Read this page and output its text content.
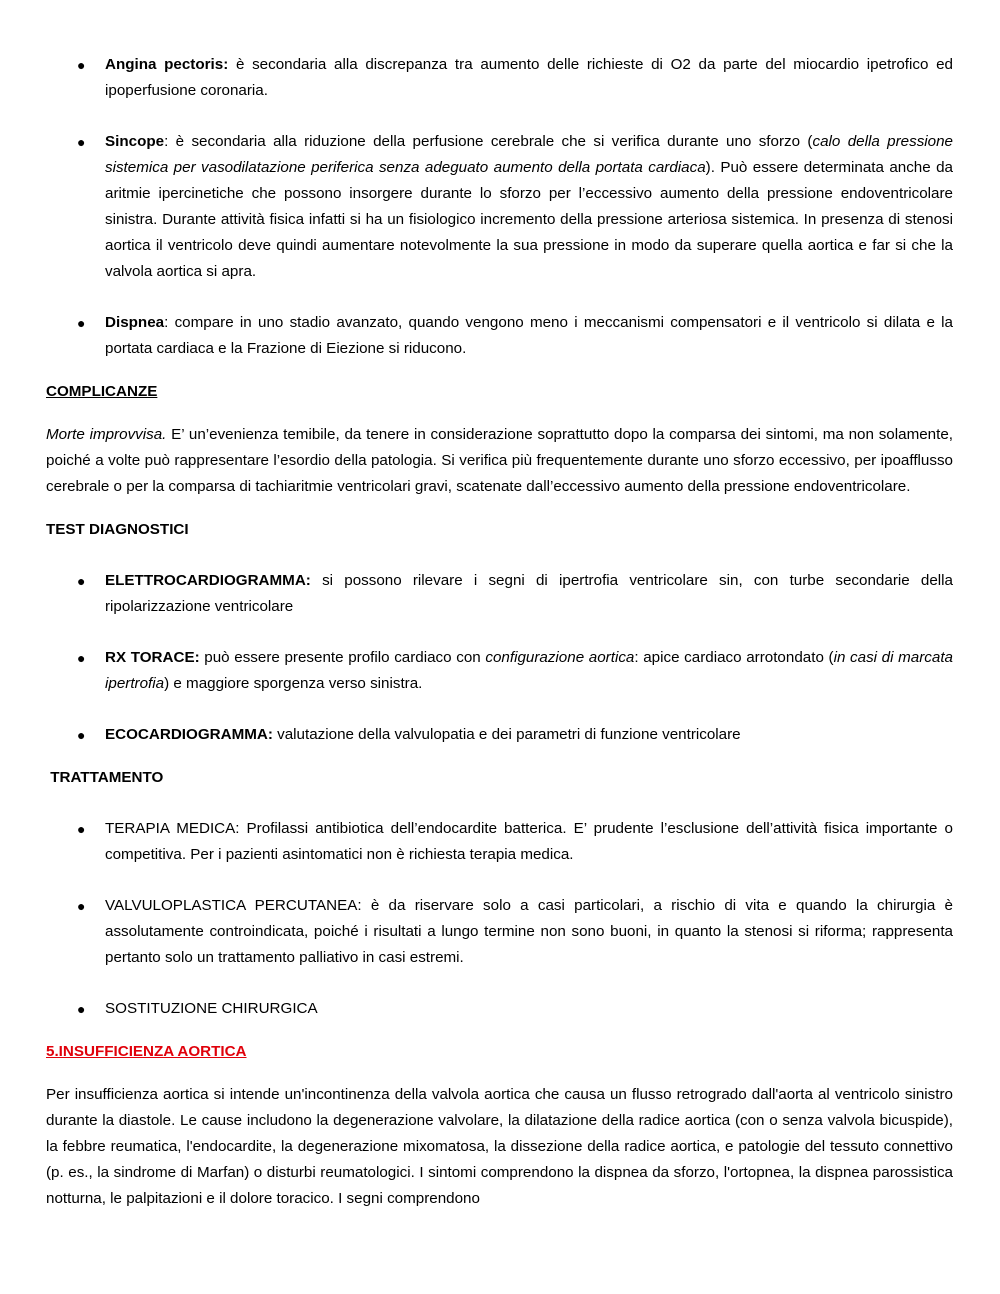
● Angina pectoris: è secondaria alla discrepanza tra aumento delle richieste di O2 da parte del miocardio ipetrofico ed ipoperfusione coronaria.
● Sincope: è secondaria alla riduzione della perfusione cerebrale che si verifica durante uno sforzo (calo della pressione sistemica per vasodilatazione periferica senza adeguato aumento della portata cardiaca). Può essere determinata anche da aritmie ipercinetiche che possono insorgere durante lo sforzo per l’eccessivo aumento della pressione endoventricolare sinistra. Durante attività fisica infatti si ha un fisiologico incremento della pressione arteriosa sistemica. In presenza di stenosi aortica il ventricolo deve quindi aumentare notevolmente la sua pressione in modo da superare quella aortica e far si che la valvola aortica si apra.
● Dispnea: compare in uno stadio avanzato, quando vengono meno i meccanismi compensatori e il ventricolo si dilata e la portata cardiaca e la Frazione di Eiezione si riducono.

COMPLICANZE

Morte improvvisa. E’ un’evenienza temibile, da tenere in considerazione soprattutto dopo la comparsa dei sintomi, ma non solamente, poiché a volte può rappresentare l’esordio della patologia. Si verifica più frequentemente durante uno sforzo eccessivo, per ipoafflusso cerebrale o per la comparsa di tachiaritmie ventricolari gravi, scatenate dall’eccessivo aumento della pressione endoventricolare.

TEST DIAGNOSTICI

● ELETTROCARDIOGRAMMA: si possono rilevare i segni di ipertrofia ventricolare sin, con turbe secondarie della ripolarizzazione ventricolare
● RX TORACE: può essere presente profilo cardiaco con configurazione aortica: apice cardiaco arrotondato (in casi di marcata ipertrofia) e maggiore sporgenza verso sinistra.
● ECOCARDIOGRAMMA: valutazione della valvulopatia e dei parametri di funzione ventricolare

TRATTAMENTO

● TERAPIA MEDICA: Profilassi antibiotica dell’endocardite batterica. E’ prudente l’esclusione dell’attività fisica importante o competitiva. Per i pazienti asintomatici non è richiesta terapia medica.
● VALVULOPLASTICA PERCUTANEA: è da riservare solo a casi particolari, a rischio di vita e quando la chirurgia è assolutamente controindicata, poiché i risultati a lungo termine non sono buoni, in quanto la stenosi si riforma; rappresenta pertanto solo un trattamento palliativo in casi estremi.
● SOSTITUZIONE CHIRURGICA

5.INSUFFICIENZA AORTICA

Per insufficienza aortica si intende un'incontinenza della valvola aortica che causa un flusso retrogrado dall'aorta al ventricolo sinistro durante la diastole. Le cause includono la degenerazione valvolare, la dilatazione della radice aortica (con o senza valvola bicuspide), la febbre reumatica, l'endocardite, la degenerazione mixomatosa, la dissezione della radice aortica, e patologie del tessuto connettivo (p. es., la sindrome di Marfan) o disturbi reumatologici. I sintomi comprendono la dispnea da sforzo, l'ortopnea, la dispnea parossistica notturna, le palpitazioni e il dolore toracico. I segni comprendono
